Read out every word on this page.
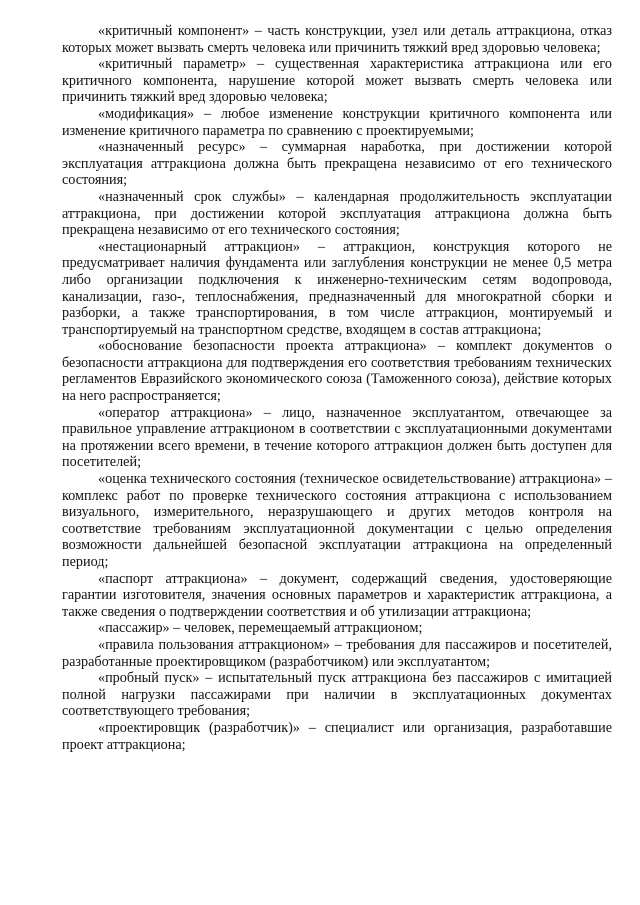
«критичный компонент» – часть конструкции, узел или деталь аттракциона, отказ которых может вызвать смерть человека или причинить тяжкий вред здоровью человека;

«критичный параметр» – существенная характеристика аттракциона или его критичного компонента, нарушение которой может вызвать смерть человека или причинить тяжкий вред здоровью человека;

«модификация» – любое изменение конструкции критичного компонента или изменение критичного параметра по сравнению с проектируемыми;

«назначенный ресурс» – суммарная наработка, при достижении которой эксплуатация аттракциона должна быть прекращена независимо от его технического состояния;

«назначенный срок службы» – календарная продолжительность эксплуатации аттракциона, при достижении которой эксплуатация аттракциона должна быть прекращена независимо от его технического состояния;

«нестационарный аттракцион» – аттракцион, конструкция которого не предусматривает наличия фундамента или заглубления конструкции не менее 0,5 метра либо организации подключения к инженерно-техническим сетям водопровода, канализации, газо-, теплоснабжения, предназначенный для многократной сборки и разборки, а также транспортирования, в том числе аттракцион, монтируемый и транспортируемый на транспортном средстве, входящем в состав аттракциона;

«обоснование безопасности проекта аттракциона» – комплект документов о безопасности аттракциона для подтверждения его соответствия требованиям технических регламентов Евразийского экономического союза (Таможенного союза), действие которых на него распространяется;

«оператор аттракциона» – лицо, назначенное эксплуатантом, отвечающее за правильное управление аттракционом в соответствии с эксплуатационными документами на протяжении всего времени, в течение которого аттракцион должен быть доступен для посетителей;

«оценка технического состояния (техническое освидетельствование) аттракциона» – комплекс работ по проверке технического состояния аттракциона с использованием визуального, измерительного, неразрушающего и других методов контроля на соответствие требованиям эксплуатационной документации с целью определения возможности дальнейшей безопасной эксплуатации аттракциона на определенный период;

«паспорт аттракциона» – документ, содержащий сведения, удостоверяющие гарантии изготовителя, значения основных параметров и характеристик аттракциона, а также сведения о подтверждении соответствия и об утилизации аттракциона;

«пассажир» – человек, перемещаемый аттракционом;

«правила пользования аттракционом» – требования для пассажиров и посетителей, разработанные проектировщиком (разработчиком) или эксплуатантом;

«пробный пуск» – испытательный пуск аттракциона без пассажиров с имитацией полной нагрузки пассажирами при наличии в эксплуатационных документах соответствующего требования;

«проектировщик (разработчик)» – специалист или организация, разработавшие проект аттракциона;
